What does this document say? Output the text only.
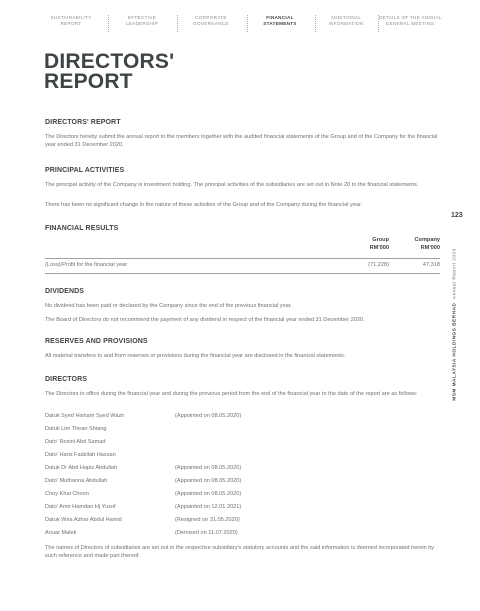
SUSTAINABILITY
REPORT
EFFECTIVE
LEADERSHIP
CORPORATE
GOVERNANCE
FINANCIAL
STATEMENTS
ADDITIONAL
INFORMATION
DETAILS OF THE ANNUAL
GENERAL MEETING
DIRECTORS'
REPORT
123
MSM MALAYSIA HOLDINGS BERHAD  Annual Report 2020
DIRECTORS' REPORT
The Directors hereby submit the annual report to the members together with the audited financial statements of the Group and of the Company for the financial year ended 31 December 2020.
PRINCIPAL ACTIVITIES
The principal activity of the Company is investment holding. The principal activities of the subsidiaries are set out in Note 20 to the financial statements.
There has been no significant change in the nature of these activities of the Group and of the Company during the financial year.
FINANCIAL RESULTS
Group
RM'000
Company
RM'000
(Loss)/Profit for the financial year	(71,228)	47,318
DIVIDENDS
No dividend has been paid or declared by the Company since the end of the previous financial year.
The Board of Directors do not recommend the payment of any dividend in respect of the financial year ended 31 December 2020.
RESERVES AND PROVISIONS
All material transfers to and from reserves or provisions during the financial year are disclosed in the financial statements.
DIRECTORS
The Directors in office during the financial year and during the previous period from the end of the financial year to the date of the report are as follows:
Datuk Syed Hisham Syed Wazir	(Appointed on 08.05.2020)
Datuk Lim Thean Shiang
Dato' Rosini Abd Samad
Dato' Haris Fadzilah Hassan
Datuk Dr Abd Hapiz Abdullah	(Appointed on 08.05.2020)
Dato' Muthanna Abdullah	(Appointed on 08.05.2020)
Choy Khai Choon	(Appointed on 08.05.2020)
Dato' Amir Hamdan Hj Yusof	(Appointed on 12.01.2021)
Datuk Wira Azhar Abdul Hamid	(Resigned on 31.05.2020)
Anuar Malek	(Demised on 11.07.2020)
The names of Directors of subsidiaries are set out in the respective subsidiary's statutory accounts and the said information is deemed incorporated herein by such reference and made part thereof.
